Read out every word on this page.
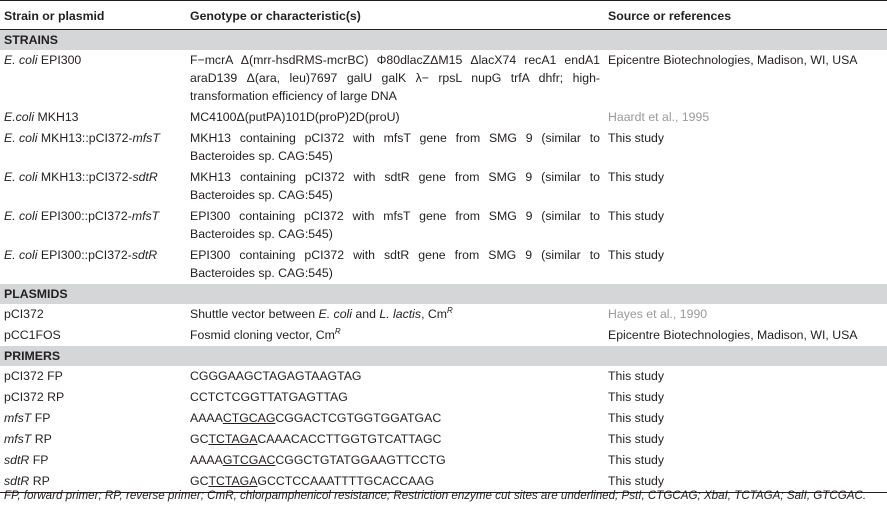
Strain or plasmid	Genotype or characteristic(s)	Source or references
STRAINS		
E. coli EPI300	F−mcrA Δ(mrr-hsdRMS-mcrBC) Φ80dlacZΔM15 ΔlacX74 recA1 endA1 araD139 Δ(ara, leu)7697 galU galK λ− rpsL nupG trfA dhfr; high-transformation efficiency of large DNA	Epicentre Biotechnologies, Madison, WI, USA
E.coli MKH13	MC4100Δ(putPA)101D(proP)2D(proU)	Haardt et al., 1995
E. coli MKH13::pCI372-mfsT	MKH13 containing pCI372 with mfsT gene from SMG 9 (similar to Bacteroides sp. CAG:545)	This study
E. coli MKH13::pCI372-sdtR	MKH13 containing pCI372 with sdtR gene from SMG 9 (similar to Bacteroides sp. CAG:545)	This study
E. coli EPI300::pCI372-mfsT	EPI300 containing pCI372 with mfsT gene from SMG 9 (similar to Bacteroides sp. CAG:545)	This study
E. coli EPI300::pCI372-sdtR	EPI300 containing pCI372 with sdtR gene from SMG 9 (similar to Bacteroides sp. CAG:545)	This study
PLASMIDS		
pCI372	Shuttle vector between E. coli and L. lactis, $Cm^R$	Hayes et al., 1990
pCC1FOS	Fosmid cloning vector, $Cm^R$	Epicentre Biotechnologies, Madison, WI, USA
PRIMERS		
pCI372 FP	CGGGAAGCTAGAGTAAGTAG	This study
pCI372 RP	CCTCTCGGTTATGAGTTAG	This study
mfsT FP	AAAACTGCAGCGGACTCGTGGTGGATGAC	This study
mfsT RP	GCTCTAGACAAACACCTTGGTGTCATTAGC	This study
sdtR FP	AAAAGTCGACCGGCTGTATGGAAGTTCCTG	This study
sdtR RP	GCTCTAGAGCCTCCAAATTTTGCACCAAG	This study
FP, forward primer; RP, reverse primer; CmR, chlorpamphenicol resistance; Restriction enzyme cut sites are underlined; PstI, CTGCAG; XbaI, TCTAGA; SalI, GTCGAC.
